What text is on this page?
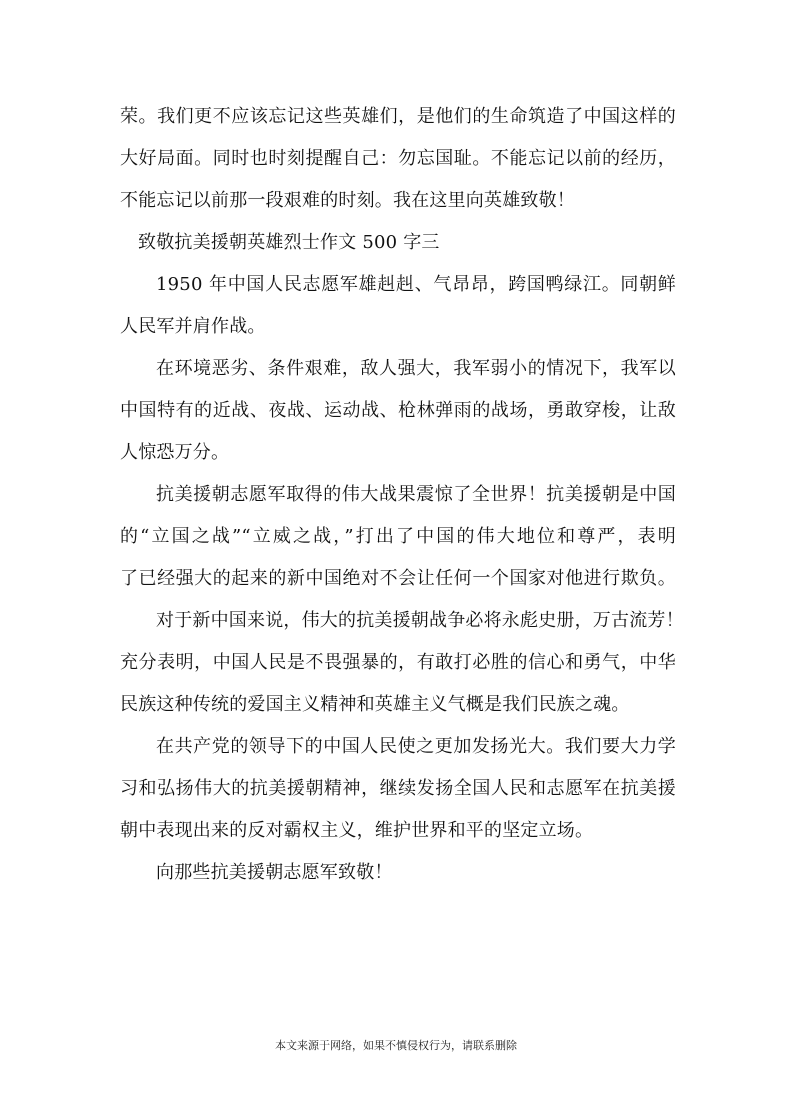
荣。我们更不应该忘记这些英雄们，是他们的生命筑造了中国这样的
大好局面。同时也时刻提醒自己：勿忘国耻。不能忘记以前的经历，
不能忘记以前那一段艰难的时刻。我在这里向英雄致敬！
致敬抗美援朝英雄烈士作文 500 字三
1950 年中国人民志愿军雄赳赳、气昂昂，跨国鸭绿江。同朝鲜
人民军并肩作战。
在环境恶劣、条件艰难，敌人强大，我军弱小的情况下，我军以
中国特有的近战、夜战、运动战、枪林弹雨的战场，勇敢穿梭，让敌
人惊恐万分。
抗美援朝志愿军取得的伟大战果震惊了全世界！抗美援朝是中国
的“立国之战”“立威之战，”打出了中国的伟大地位和尊严，表明
了已经强大的起来的新中国绝对不会让任何一个国家对他进行欺负。
对于新中国来说，伟大的抗美援朝战争必将永彪史册，万古流芳！
充分表明，中国人民是不畏强暴的，有敢打必胜的信心和勇气，中华
民族这种传统的爱国主义精神和英雄主义气概是我们民族之魂。
在共产党的领导下的中国人民使之更加发扬光大。我们要大力学
习和弘扬伟大的抗美援朝精神，继续发扬全国人民和志愿军在抗美援
朝中表现出来的反对霸权主义，维护世界和平的坚定立场。
向那些抗美援朝志愿军致敬！
本文来源于网络，如果不慎侵权行为，请联系删除
